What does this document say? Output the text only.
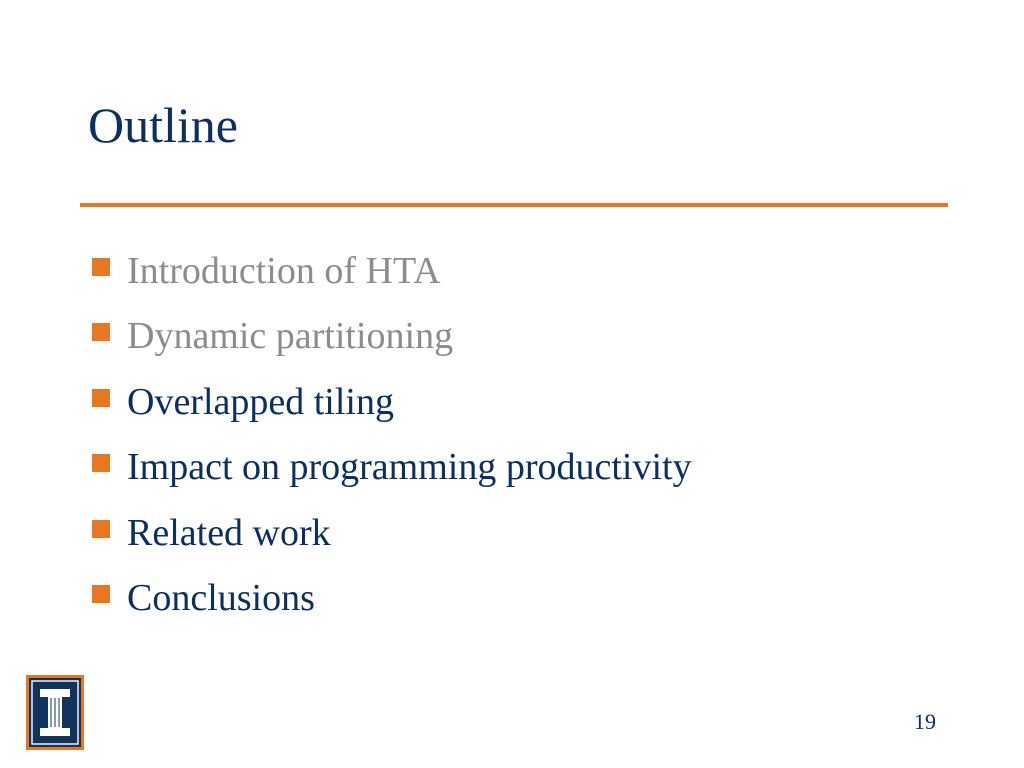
Outline
Introduction of HTA
Dynamic partitioning
Overlapped tiling
Impact on programming productivity
Related work
Conclusions
19
